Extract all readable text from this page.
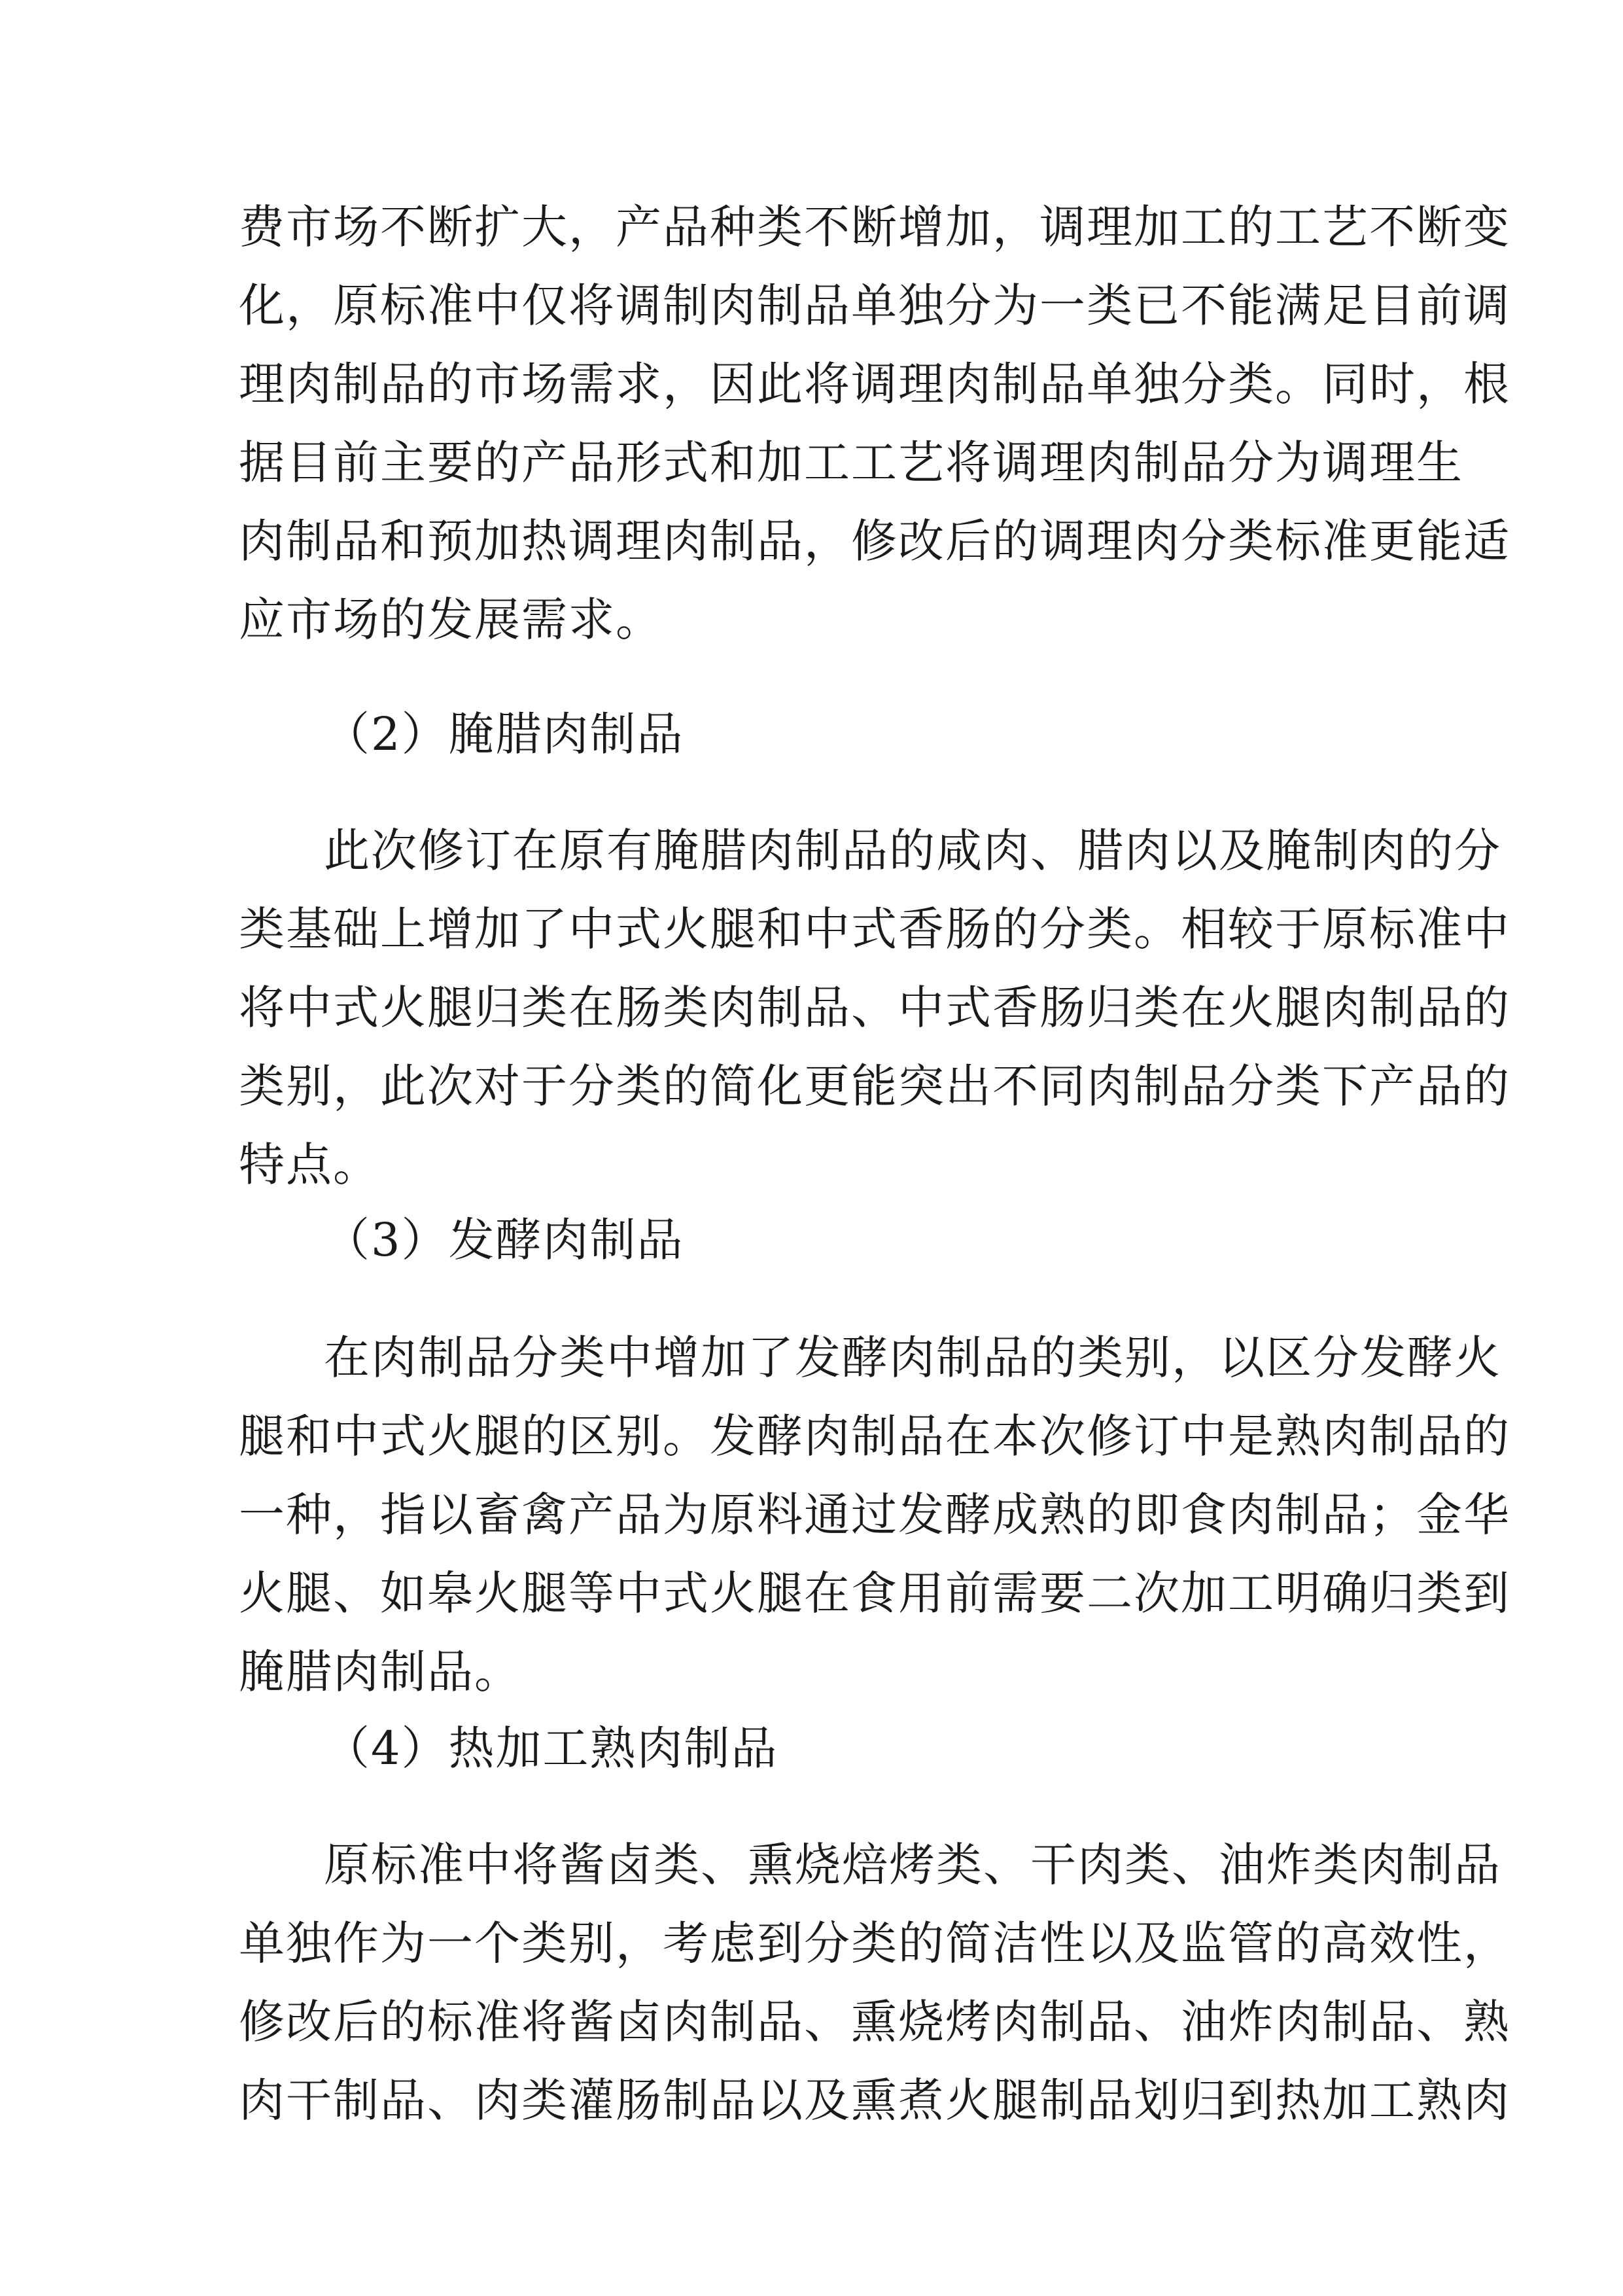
费市场不断扩大，产品种类不断增加，调理加工的工艺不断变
化，原标准中仅将调制肉制品单独分为一类已不能满足目前调
理肉制品的市场需求，因此将调理肉制品单独分类。同时，根
据目前主要的产品形式和加工工艺将调理肉制品分为调理生
肉制品和预加热调理肉制品，修改后的调理肉分类标准更能适
应市场的发展需求。
（2）腌腊肉制品
此次修订在原有腌腊肉制品的咸肉、腊肉以及腌制肉的分
类基础上增加了中式火腿和中式香肠的分类。相较于原标准中
将中式火腿归类在肠类肉制品、中式香肠归类在火腿肉制品的
类别，此次对于分类的简化更能突出不同肉制品分类下产品的
特点。
（3）发酵肉制品
在肉制品分类中增加了发酵肉制品的类别，以区分发酵火
腿和中式火腿的区别。发酵肉制品在本次修订中是熟肉制品的
一种，指以畜禽产品为原料通过发酵成熟的即食肉制品；金华
火腿、如皋火腿等中式火腿在食用前需要二次加工明确归类到
腌腊肉制品。
（4）热加工熟肉制品
原标准中将酱卤类、熏烧焙烤类、干肉类、油炸类肉制品
单独作为一个类别，考虑到分类的简洁性以及监管的高效性，
修改后的标准将酱卤肉制品、熏烧烤肉制品、油炸肉制品、熟
肉干制品、肉类灌肠制品以及熏煮火腿制品划归到热加工熟肉
